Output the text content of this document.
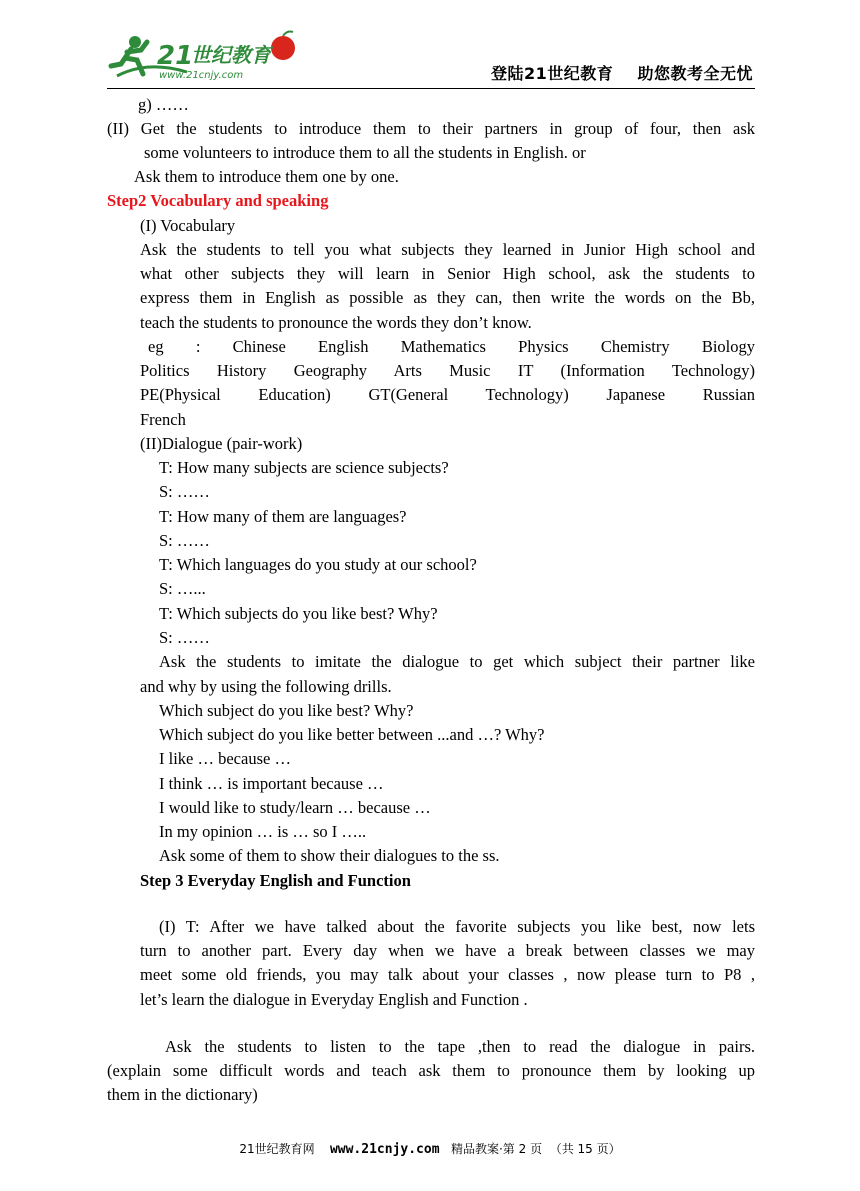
21
世纪教育
www.21cnjy.com	登陆21世纪教育    助您教考全无忧
g) ……
(II) Get the students to introduce them to their partners in group of four, then ask
some volunteers to introduce them to all the students in English. or
Ask them to introduce them one by one.
Step2 Vocabulary and speaking
(I) Vocabulary
Ask the students to tell you what subjects they learned in Junior High school and
what other subjects they will learn in Senior High school, ask the students to
express them in English as possible as they can, then write the words on the Bb,
teach the students to pronounce the words they don’t know.
eg : Chinese English Mathematics Physics Chemistry Biology
Politics History Geography Arts Music IT (Information Technology)
PE(Physical Education) GT(General Technology) Japanese Russian
French
(II)Dialogue (pair-work)
T: How many subjects are science subjects?
S: ……
T: How many of them are languages?
S: ……
T: Which languages do you study at our school?
S: …...
T: Which subjects do you like best? Why?
S: ……
Ask the students to imitate the dialogue to get which subject their partner like
and why by using the following drills.
Which subject do you like best? Why?
Which subject do you like better between ...and …? Why?
I like … because …
I think … is important because …
I would like to study/learn … because …
In my opinion … is … so I …..
Ask some of them to show their dialogues to the ss.
Step 3 Everyday English and Function
(I) T: After we have talked about the favorite subjects you like best, now lets
turn to another part. Every day when we have a break between classes we may
meet some old friends, you may talk about your classes , now please turn to P8 ,
let’s learn the dialogue in Everyday English and Function .
Ask the students to listen to the tape ,then to read the dialogue in pairs.
(explain some difficult words and teach ask them to pronounce them by looking up
them in the dictionary)
21世纪教育网 www.21cnjy.com 精品教案·第 2 页  （共 15 页）
